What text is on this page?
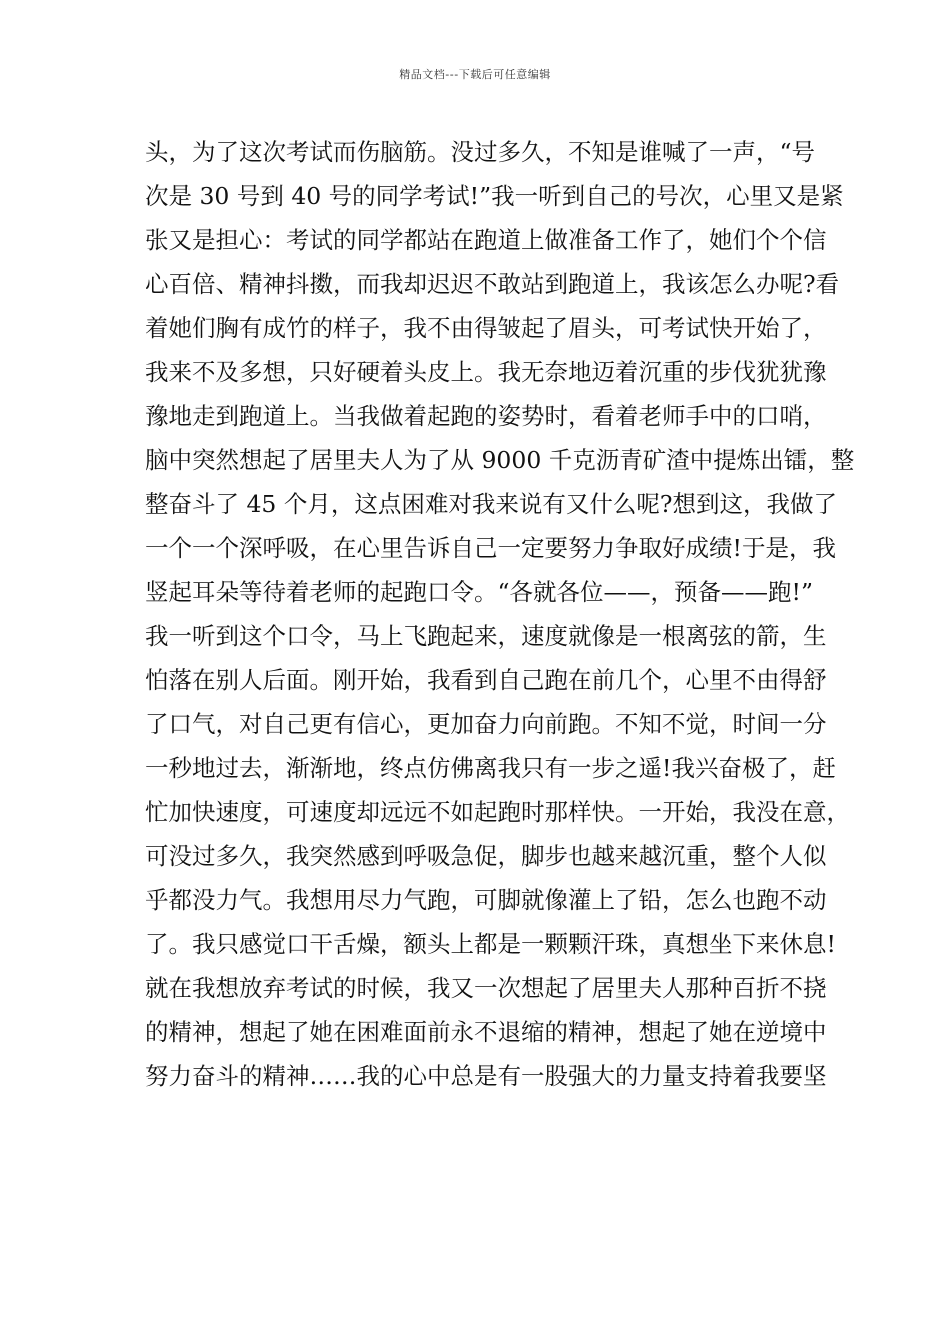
精品文档---下载后可任意编辑
头，为了这次考试而伤脑筋。没过多久，不知是谁喊了一声，“号
次是 30 号到 40 号的同学考试!”我一听到自己的号次，心里又是紧
张又是担心：考试的同学都站在跑道上做准备工作了，她们个个信
心百倍、精神抖擞，而我却迟迟不敢站到跑道上，我该怎么办呢?看
着她们胸有成竹的样子，我不由得皱起了眉头，可考试快开始了，
我来不及多想，只好硬着头皮上。我无奈地迈着沉重的步伐犹犹豫
豫地走到跑道上。当我做着起跑的姿势时，看着老师手中的口哨，
脑中突然想起了居里夫人为了从 9000 千克沥青矿渣中提炼出镭，整
整奋斗了 45 个月，这点困难对我来说有又什么呢?想到这，我做了
一个一个深呼吸，在心里告诉自己一定要努力争取好成绩!于是，我
竖起耳朵等待着老师的起跑口令。“各就各位——，预备——跑!”
我一听到这个口令，马上飞跑起来，速度就像是一根离弦的箭，生
怕落在别人后面。刚开始，我看到自己跑在前几个，心里不由得舒
了口气，对自己更有信心，更加奋力向前跑。不知不觉，时间一分
一秒地过去，渐渐地，终点仿佛离我只有一步之遥!我兴奋极了，赶
忙加快速度，可速度却远远不如起跑时那样快。一开始，我没在意，
可没过多久，我突然感到呼吸急促，脚步也越来越沉重，整个人似
乎都没力气。我想用尽力气跑，可脚就像灌上了铅，怎么也跑不动
了。我只感觉口干舌燥，额头上都是一颗颗汗珠，真想坐下来休息!
就在我想放弃考试的时候，我又一次想起了居里夫人那种百折不挠
的精神，想起了她在困难面前永不退缩的精神，想起了她在逆境中
努力奋斗的精神……我的心中总是有一股强大的力量支持着我要坚
